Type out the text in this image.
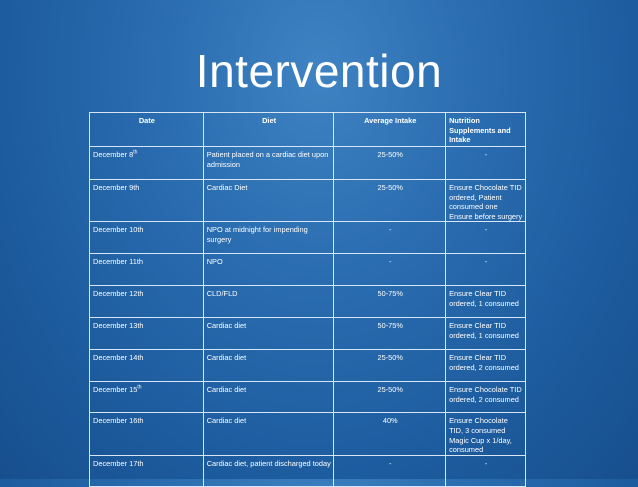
Intervention
Date	Diet	Average Intake	Nutrition Supplements and Intake
December 8th	Patient placed on a cardiac diet upon admission	25-50%	-
December 9th	Cardiac Diet	25-50%	Ensure Chocolate TID ordered, Patient consumed one Ensure before surgery
December 10th	NPO at midnight for impending surgery	-	-
December 11th	NPO	-	-
December 12th	CLD/FLD	50-75%	Ensure Clear TID ordered, 1 consumed
December 13th	Cardiac diet	50-75%	Ensure Clear TID ordered, 1 consumed
December 14th	Cardiac diet	25-50%	Ensure Clear TID ordered, 2 consumed
December 15th	Cardiac diet	25-50%	Ensure Chocolate TID ordered, 2 consumed
December 16th	Cardiac diet	40%	Ensure Chocolate TID, 3 consumed Magic Cup x 1/day, consumed
December 17th	Cardiac diet, patient discharged today	-	-
